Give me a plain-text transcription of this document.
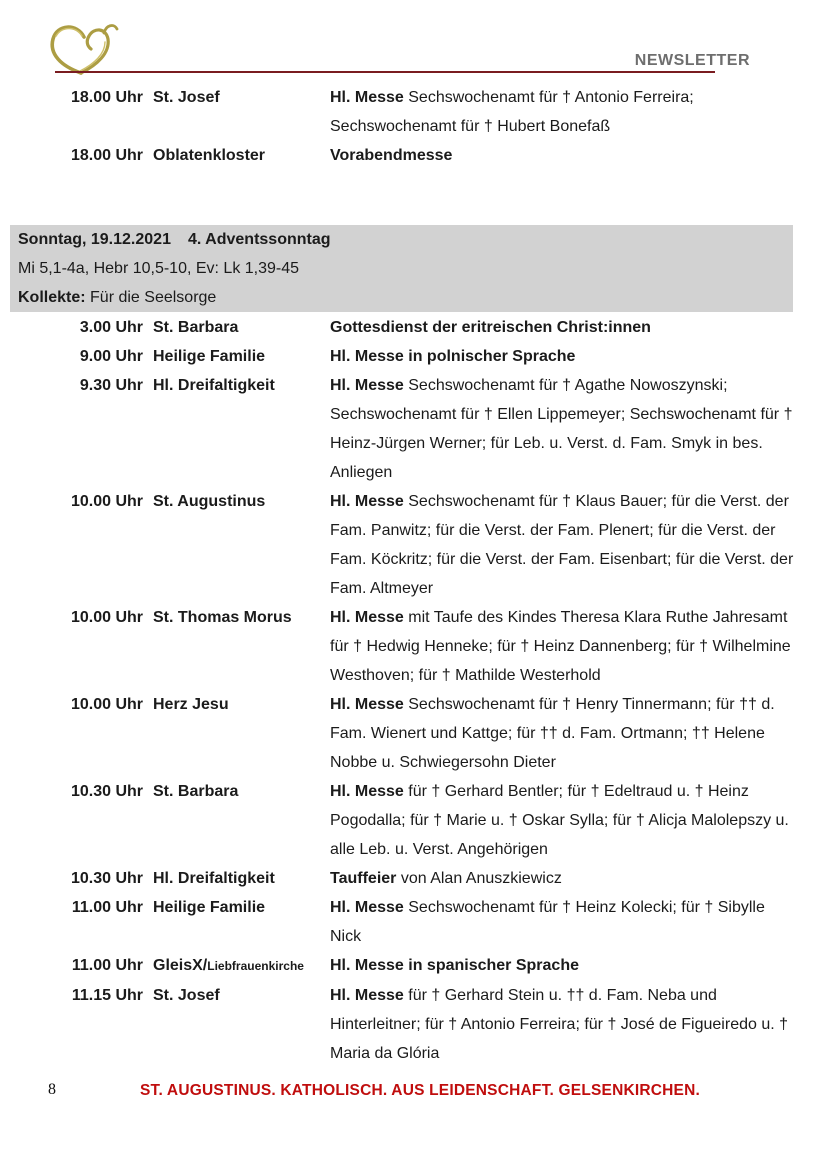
NEWSLETTER
18.00 Uhr St. Josef	Hl. Messe Sechswochenamt für † Antonio Ferreira; Sechswochenamt für † Hubert Bonefaß
18.00 Uhr Oblatenkloster	Vorabendmesse
Sonntag, 19.12.2021 4. Adventssonntag
Mi 5,1-4a, Hebr 10,5-10, Ev: Lk 1,39-45
Kollekte: Für die Seelsorge
3.00 Uhr St. Barbara	Gottesdienst der eritreischen Christ:innen
9.00 Uhr Heilige Familie	Hl. Messe in polnischer Sprache
9.30 Uhr Hl. Dreifaltigkeit	Hl. Messe Sechswochenamt für † Agathe Nowoszynski; Sechswochenamt für † Ellen Lippemeyer; Sechswochenamt für † Heinz-Jürgen Werner; für Leb. u. Verst. d. Fam. Smyk in bes. Anliegen
10.00 Uhr St. Augustinus	Hl. Messe Sechswochenamt für † Klaus Bauer; für die Verst. der Fam. Panwitz; für die Verst. der Fam. Plenert; für die Verst. der Fam. Köckritz; für die Verst. der Fam. Eisenbart; für die Verst. der Fam. Altmeyer
10.00 Uhr St. Thomas Morus	Hl. Messe mit Taufe des Kindes Theresa Klara Ruthe Jahresamt für † Hedwig Henneke; für † Heinz Dannenberg; für † Wilhelmine Westhoven; für † Mathilde Westerhold
10.00 Uhr Herz Jesu	Hl. Messe Sechswochenamt für † Henry Tinnermann; für †† d. Fam. Wienert und Kattge; für †† d. Fam. Ortmann; †† Helene Nobbe u. Schwiegersohn Dieter
10.30 Uhr St. Barbara	Hl. Messe für † Gerhard Bentler; für † Edeltraud u. † Heinz Pogodalla; für † Marie u. † Oskar Sylla; für † Alicja Malolepszy u. alle Leb. u. Verst. Angehörigen
10.30 Uhr Hl. Dreifaltigkeit	Tauffeier von Alan Anuszkiewicz
11.00 Uhr Heilige Familie	Hl. Messe Sechswochenamt für † Heinz Kolecki; für † Sibylle Nick
11.00 Uhr GleisX/Liebfrauenkirche	Hl. Messe in spanischer Sprache
11.15 Uhr St. Josef	Hl. Messe für † Gerhard Stein u. †† d. Fam. Neba und Hinterleitner; für † Antonio Ferreira; für † José de Figueiredo u. † Maria da Glória
8	ST. AUGUSTINUS. KATHOLISCH. AUS LEIDENSCHAFT. GELSENKIRCHEN.
